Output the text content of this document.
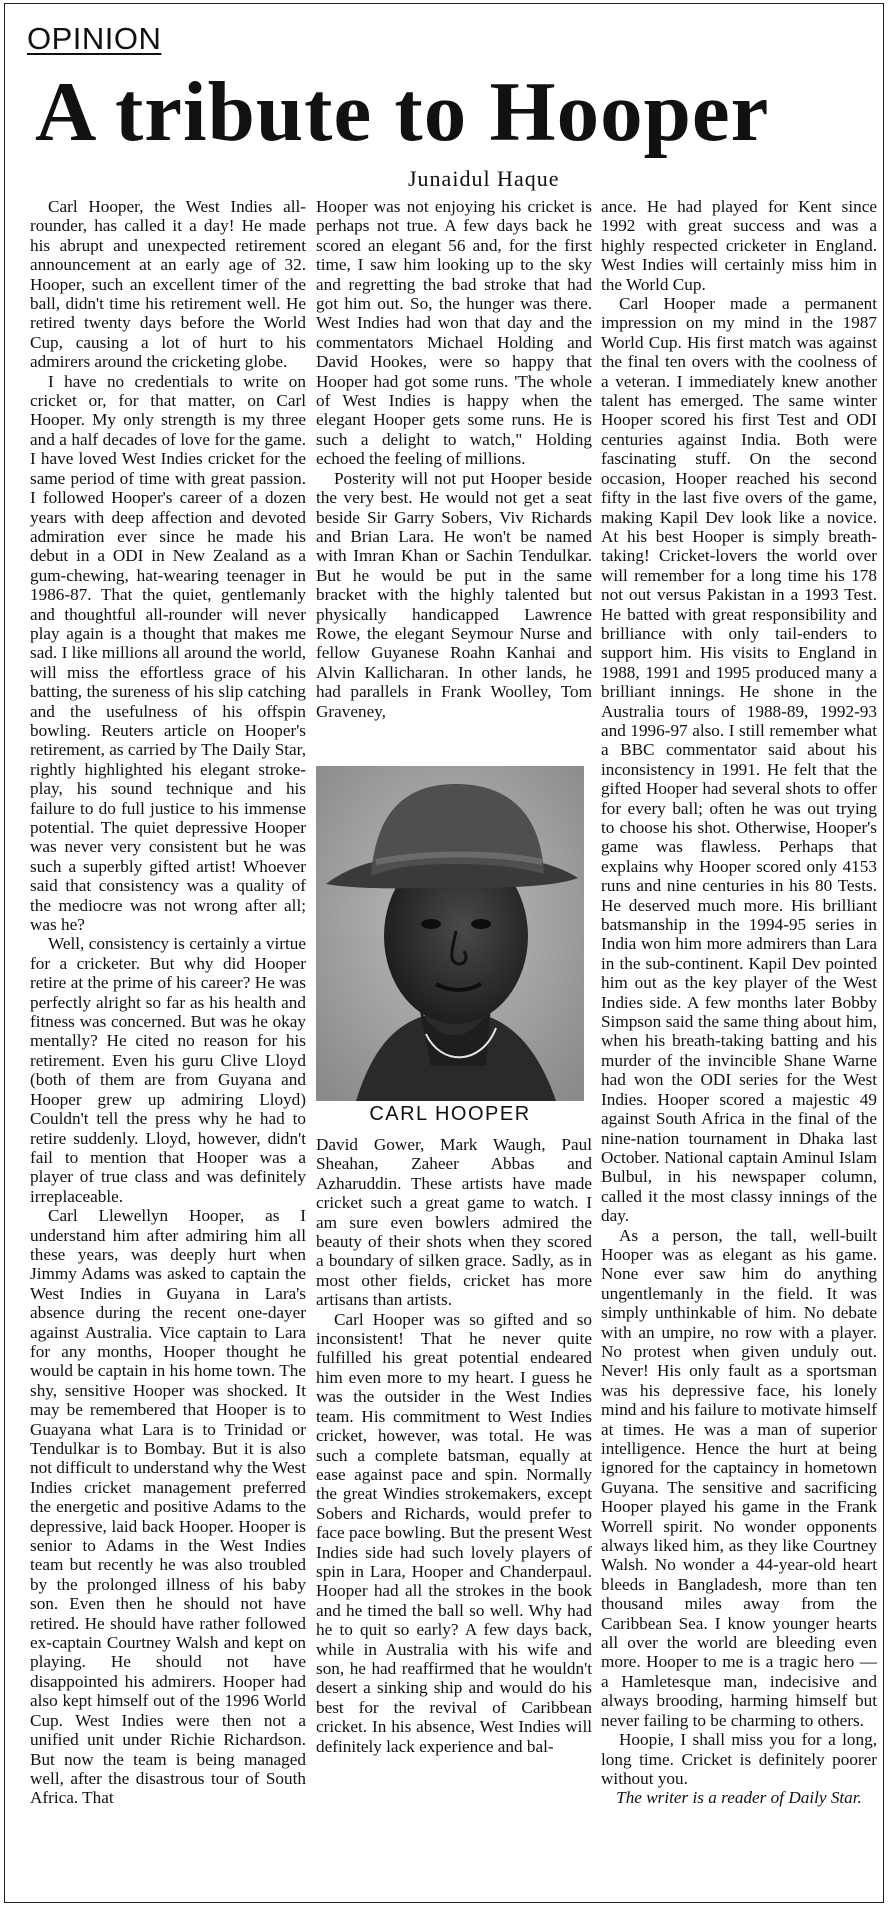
OPINION
A tribute to Hooper
Junaidul Haque

Carl Hooper, the West Indies all-rounder, has called it a day! He made his abrupt and unexpected retirement announcement at an early age of 32. Hooper, such an excellent timer of the ball, didn't time his retirement well. He retired twenty days before the World Cup, causing a lot of hurt to his admirers around the cricketing globe.

I have no credentials to write on cricket or, for that matter, on Carl Hooper. My only strength is my three and a half decades of love for the game. I have loved West Indies cricket for the same period of time with great passion. I followed Hooper's career of a dozen years with deep affection and devoted admiration ever since he made his debut in a ODI in New Zealand as a gum-chewing, hat-wearing teenager in 1986-87. That the quiet, gentlemanly and thoughtful all-rounder will never play again is a thought that makes me sad. I like millions all around the world, will miss the effortless grace of his batting, the sureness of his slip catching and the usefulness of his offspin bowling. Reuters article on Hooper's retirement, as carried by The Daily Star, rightly highlighted his elegant stroke-play, his sound technique and his failure to do full justice to his immense potential. The quiet depressive Hooper was never very consistent but he was such a superbly gifted artist! Whoever said that consistency was a quality of the mediocre was not wrong after all; was he?

Well, consistency is certainly a virtue for a cricketer. But why did Hooper retire at the prime of his career? He was perfectly alright so far as his health and fitness was concerned. But was he okay mentally? He cited no reason for his retirement. Even his guru Clive Lloyd (both of them are from Guyana and Hooper grew up admiring Lloyd) Couldn't tell the press why he had to retire suddenly. Lloyd, however, didn't fail to mention that Hooper was a player of true class and was definitely irreplaceable.

Carl Llewellyn Hooper, as I understand him after admiring him all these years, was deeply hurt when Jimmy Adams was asked to captain the West Indies in Guyana in Lara's absence during the recent one-dayer against Australia. Vice captain to Lara for any months, Hooper thought he would be captain in his home town. The shy, sensitive Hooper was shocked. It may be remembered that Hooper is to Guayana what Lara is to Trinidad or Tendulkar is to Bombay. But it is also not difficult to understand why the West Indies cricket management preferred the energetic and positive Adams to the depressive, laid back Hooper. Hooper is senior to Adams in the West Indies team but recently he was also troubled by the prolonged illness of his baby son. Even then he should not have retired. He should have rather followed ex-captain Courtney Walsh and kept on playing. He should not have disappointed his admirers. Hooper had also kept himself out of the 1996 World Cup. West Indies were then not a unified unit under Richie Richardson. But now the team is being managed well, after the disastrous tour of South Africa. That

Hooper was not enjoying his cricket is perhaps not true. A few days back he scored an elegant 56 and, for the first time, I saw him looking up to the sky and regretting the bad stroke that had got him out. So, the hunger was there. West Indies had won that day and the commentators Michael Holding and David Hookes, were so happy that Hooper had got some runs. 'The whole of West Indies is happy when the elegant Hooper gets some runs. He is such a delight to watch," Holding echoed the feeling of millions.

Posterity will not put Hooper beside the very best. He would not get a seat beside Sir Garry Sobers, Viv Richards and Brian Lara. He won't be named with Imran Khan or Sachin Tendulkar. But he would be put in the same bracket with the highly talented but physically handicapped Lawrence Rowe, the elegant Seymour Nurse and fellow Guyanese Roahn Kanhai and Alvin Kallicharan. In other lands, he had parallels in Frank Woolley, Tom Graveney,

CARL HOOPER

David Gower, Mark Waugh, Paul Sheahan, Zaheer Abbas and Azharuddin. These artists have made cricket such a great game to watch. I am sure even bowlers admired the beauty of their shots when they scored a boundary of silken grace. Sadly, as in most other fields, cricket has more artisans than artists.

Carl Hooper was so gifted and so inconsistent! That he never quite fulfilled his great potential endeared him even more to my heart. I guess he was the outsider in the West Indies team. His commitment to West Indies cricket, however, was total. He was such a complete batsman, equally at ease against pace and spin. Normally the great Windies strokemakers, except Sobers and Richards, would prefer to face pace bowling. But the present West Indies side had such lovely players of spin in Lara, Hooper and Chanderpaul. Hooper had all the strokes in the book and he timed the ball so well. Why had he to quit so early? A few days back, while in Australia with his wife and son, he had reaffirmed that he wouldn't desert a sinking ship and would do his best for the revival of Caribbean cricket. In his absence, West Indies will definitely lack experience and bal-

ance. He had played for Kent since 1992 with great success and was a highly respected cricketer in England. West Indies will certainly miss him in the World Cup.

Carl Hooper made a permanent impression on my mind in the 1987 World Cup. His first match was against the final ten overs with the coolness of a veteran. I immediately knew another talent has emerged. The same winter Hooper scored his first Test and ODI centuries against India. Both were fascinating stuff. On the second occasion, Hooper reached his second fifty in the last five overs of the game, making Kapil Dev look like a novice. At his best Hooper is simply breath-taking! Cricket-lovers the world over will remember for a long time his 178 not out versus Pakistan in a 1993 Test. He batted with great responsibility and brilliance with only tail-enders to support him. His visits to England in 1988, 1991 and 1995 produced many a brilliant innings. He shone in the Australia tours of 1988-89, 1992-93 and 1996-97 also. I still remember what a BBC commentator said about his inconsistency in 1991. He felt that the gifted Hooper had several shots to offer for every ball; often he was out trying to choose his shot. Otherwise, Hooper's game was flawless. Perhaps that explains why Hooper scored only 4153 runs and nine centuries in his 80 Tests. He deserved much more. His brilliant batsmanship in the 1994-95 series in India won him more admirers than Lara in the sub-continent. Kapil Dev pointed him out as the key player of the West Indies side. A few months later Bobby Simpson said the same thing about him, when his breath-taking batting and his murder of the invincible Shane Warne had won the ODI series for the West Indies. Hooper scored a majestic 49 against South Africa in the final of the nine-nation tournament in Dhaka last October. National captain Aminul Islam Bulbul, in his newspaper column, called it the most classy innings of the day.

As a person, the tall, well-built Hooper was as elegant as his game. None ever saw him do anything ungentlemanly in the field. It was simply unthinkable of him. No debate with an umpire, no row with a player. No protest when given unduly out. Never! His only fault as a sportsman was his depressive face, his lonely mind and his failure to motivate himself at times. He was a man of superior intelligence. Hence the hurt at being ignored for the captaincy in hometown Guyana. The sensitive and sacrificing Hooper played his game in the Frank Worrell spirit. No wonder opponents always liked him, as they like Courtney Walsh. No wonder a 44-year-old heart bleeds in Bangladesh, more than ten thousand miles away from the Caribbean Sea. I know younger hearts all over the world are bleeding even more. Hooper to me is a tragic hero — a Hamletesque man, indecisive and always brooding, harming himself but never failing to be charming to others.

Hoopie, I shall miss you for a long, long time. Cricket is definitely poorer without you.

The writer is a reader of Daily Star.
